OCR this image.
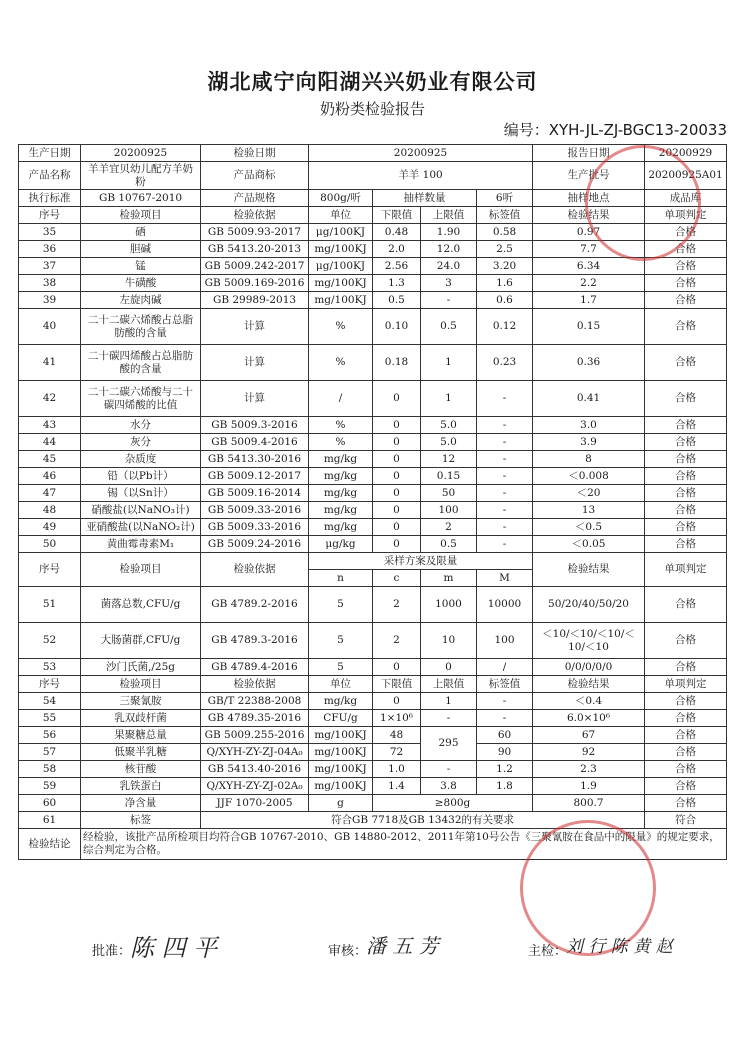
湖北咸宁向阳湖兴兴奶业有限公司
奶粉类检验报告
编号：XYH-JL-ZJ-BGC13-20033
生产日期	20200925	检验日期	20200925				报告日期	20200929
产品名称	羊羊宜贝幼儿配方羊奶粉	产品商标	羊羊 100				生产批号	20200925A01
执行标准	GB 10767-2010	产品规格	800g/听	抽样数量		6听	抽样地点	成品库
序号	检验项目	检验依据	单位	下限值	上限值	标签值	检验结果	单项判定
35	硒	GB 5009.93-2017	μg/100KJ	0.48	1.90	0.58	0.97	合格
36	胆碱	GB 5413.20-2013	mg/100KJ	2.0	12.0	2.5	7.7	合格
37	锰	GB 5009.242-2017	μg/100KJ	2.56	24.0	3.20	6.34	合格
38	牛磺酸	GB 5009.169-2016	mg/100KJ	1.3	3	1.6	2.2	合格
39	左旋肉碱	GB 29989-2013	mg/100KJ	0.5	-	0.6	1.7	合格
40	二十二碳六烯酸占总脂肪酸的含量	计算	%	0.10	0.5	0.12	0.15	合格
41	二十碳四烯酸占总脂肪酸的含量	计算	%	0.18	1	0.23	0.36	合格
42	二十二碳六烯酸与二十碳四烯酸的比值	计算	/	0	1	-	0.41	合格
43	水分	GB 5009.3-2016	%	0	5.0	-	3.0	合格
44	灰分	GB 5009.4-2016	%	0	5.0	-	3.9	合格
45	杂质度	GB 5413.30-2016	mg/kg	0	12	-	8	合格
46	铅（以Pb计）	GB 5009.12-2017	mg/kg	0	0.15	-	＜0.008	合格
47	锡（以Sn计）	GB 5009.16-2014	mg/kg	0	50	-	＜20	合格
48	硝酸盐(以NaNO₃计)	GB 5009.33-2016	mg/kg	0	100	-	13	合格
49	亚硝酸盐(以NaNO₂计)	GB 5009.33-2016	mg/kg	0	2	-	＜0.5	合格
50	黄曲霉毒素M₁	GB 5009.24-2016	μg/kg	0	0.5	-	＜0.05	合格
序号	检验项目	检验依据	采样方案及限量				检验结果	单项判定
			n	c	m	M		
51	菌落总数,CFU/g	GB 4789.2-2016	5	2	1000	10000	50/20/40/50/20	合格
52	大肠菌群,CFU/g	GB 4789.3-2016	5	2	10	100	＜10/＜10/＜10/＜10/＜10	合格
53	沙门氏菌,/25g	GB 4789.4-2016	5	0	0	/	0/0/0/0/0	合格
序号	检验项目	检验依据	单位	下限值	上限值	标签值	检验结果	单项判定
54	三聚氰胺	GB/T 22388-2008	mg/kg	0	1	-	＜0.4	合格
55	乳双歧杆菌	GB 4789.35-2016	CFU/g	1×10⁶	-	-	6.0×10⁶	合格
56	果聚糖总量	GB 5009.255-2016	mg/100KJ	48	295	60	67	合格
57	低聚半乳糖	Q/XYH-ZY-ZJ-04A₀	mg/100KJ	72		90	92	合格
58	核苷酸	GB 5413.40-2016	mg/100KJ	1.0	-	1.2	2.3	合格
59	乳铁蛋白	Q/XYH-ZY-ZJ-02A₀	mg/100KJ	1.4	3.8	1.8	1.9	合格
60	净含量	JJF 1070-2005	g	≥800g			800.7	合格
61	标签	符合GB 7718及GB 13432的有关要求						符合
检验结论	经检验，该批产品所检项目均符合GB 10767-2010、GB 14880-2012、2011年第10号公告《三聚氰胺在食品中的限量》的规定要求，综合判定为合格。							
批准：
陈 四 平	审核：
潘 五 芳	主检：
刘 行 陈 黄 赵
